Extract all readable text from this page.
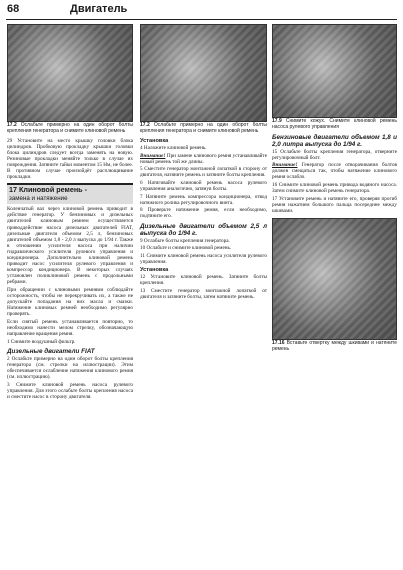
68	Двигатель
17.2 Ослабьте примерно на один оборот болты крепления генератора и снимите клиновой ремень

29 Установите на место крышку головки блока цилиндров. Пробковую прокладку крышки головки блока цилиндров следует всегда заменять на новую. Резиновые прокладки меняйте только в случае их повреждения. Затяните гайки моментом 15 Нм, не более. В противном случае произойдёт расплющивание прокладки.

17 Клиновой ремень -
замена и натяжение

Коленчатый вал через клиновой ремень приводит в действие генератор. У бензиновых и дизельных двигателей клиновым ремнем осуществляется приводдействие насоса дизельных двигателей FIAT, дизельные двигатели объемом 2,5 л, бензиновых двигателей объемом 1,8 - 2,0 л выпуска до 1/94 г. Также в отношении усилителя насоса при наличии гидравлического усилителя рулевого управления и кондиционера. Дополнительно клиновой ремень приводит насос усилителя рулевого управления и компрессор кондиционера. В некоторых случаях установлен поликлиновой ремень с продольными ребрами.

При обращении с клиновыми ремнями соблюдайте осторожность, чтобы не перекручивать их, а также не допускайте попадания на них масла и смазки. Натяжение клиновых ремней необходимо регулярно проверять.

Если снятый ремень устанавливается повторно, то необходимо нанести мелом стрелку, обозначающую направление вращения ремня.

1 Снимите воздушный фильтр.

Дизельные двигатели FIAT

2 Ослабьте примерно на один оборот болты крепления генератора (см. стрелки на иллюстрации). Этим обеспечивается ослабление натяжения клинового ремня (см. иллюстрацию).

3 Снимите клиновой ремень насоса рулевого управления. Для этого ослабьте болты крепления насоса и сместите насос в сторону двигателя.

17.2 Ослабьте примерно на один оборот болты крепления генератора и снимите клиновой ремень
Установка

4 Наложите клиновой ремень.

Внимание! При замене клинового ремня устанавливайте новый ремень той же длины.

5 Сместите генератор монтажной лопаткой в сторону от двигателя, натяните ремень и затяните болты крепления.

6 Натягивайте клиновой ремень насоса рулевого управления аналогично, затянув болты.

7 Натяните ремень компрессора кондиционера, отвод натяжного ролика регулировочного винта.

8 Проверьте натяжение ремня, если необходимо, подтяните его.

Дизельные двигатели объемом 2,5 л выпуска до 1/94 г.

9 Ослабьте болты крепления генератора.

10 Ослабьте и снимите клиновой ремень.

11 Снимите клиновой ремень насоса усилителя рулевого управления.

Установка

12 Установите клиновой ремень. Затяните болты крепления.

13 Сместите генератор монтажной лопаткой от двигателя и затяните болты, затем натяните ремень.

17.9 Снимите кожух. Снимите клиновой ремень насоса рулевого управления
Бензиновые двигатели объемом 1,8 и 2,0 литра выпуска до 1/94 г.

15 Ослабьте болты крепления генератора, отверните регулировочный болт.

Внимание! Генератор после отворачивания болтов должен смещаться так, чтобы натяжение клинового ремня ослабло.

16 Снимите клиновой ремень привода водяного насоса. Затем снимите клиновой ремень генератора.

17 Установите ремень и натяните его, проверяя прогиб ремня нажатием большого пальца посередине между шкивами.

17.16 Вставьте отвертку между шкивами и натяните ремень
